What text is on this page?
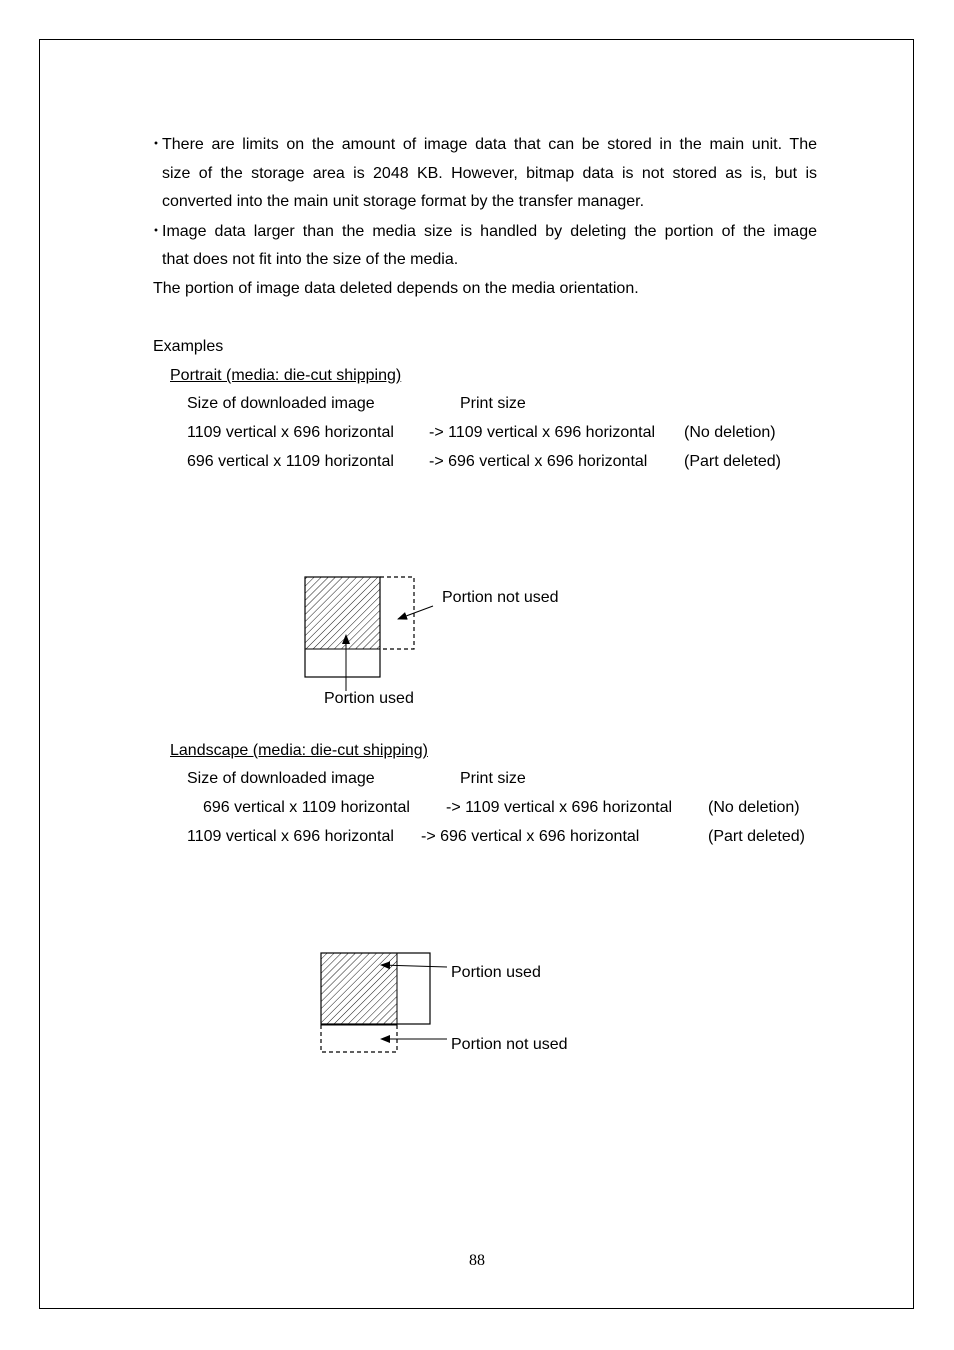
・
There are limits on the amount of image data that can be stored in the main unit. The
size of the storage area is 2048 KB. However, bitmap data is not stored as is, but is
converted into the main unit storage format by the transfer manager.
・
Image data larger than the media size is handled by deleting the portion of the image
that does not fit into the size of the media.
The portion of image data deleted depends on the media orientation.
Examples
Portrait (media: die-cut shipping)
Size of downloaded image	Print size
1109 vertical x 696 horizontal -> 1109 vertical x 696 horizontal (No deletion)
696 vertical x 1109 horizontal -> 696 vertical x 696 horizontal (Part deleted)
Portion not used
Portion used
Landscape (media: die-cut shipping)
Size of downloaded image	Print size
696 vertical x 1109 horizontal -> 1109 vertical x 696 horizontal (No deletion)
1109 vertical x 696 horizontal -> 696 vertical x 696 horizontal	(Part deleted)
Portion used
Portion not used
88
